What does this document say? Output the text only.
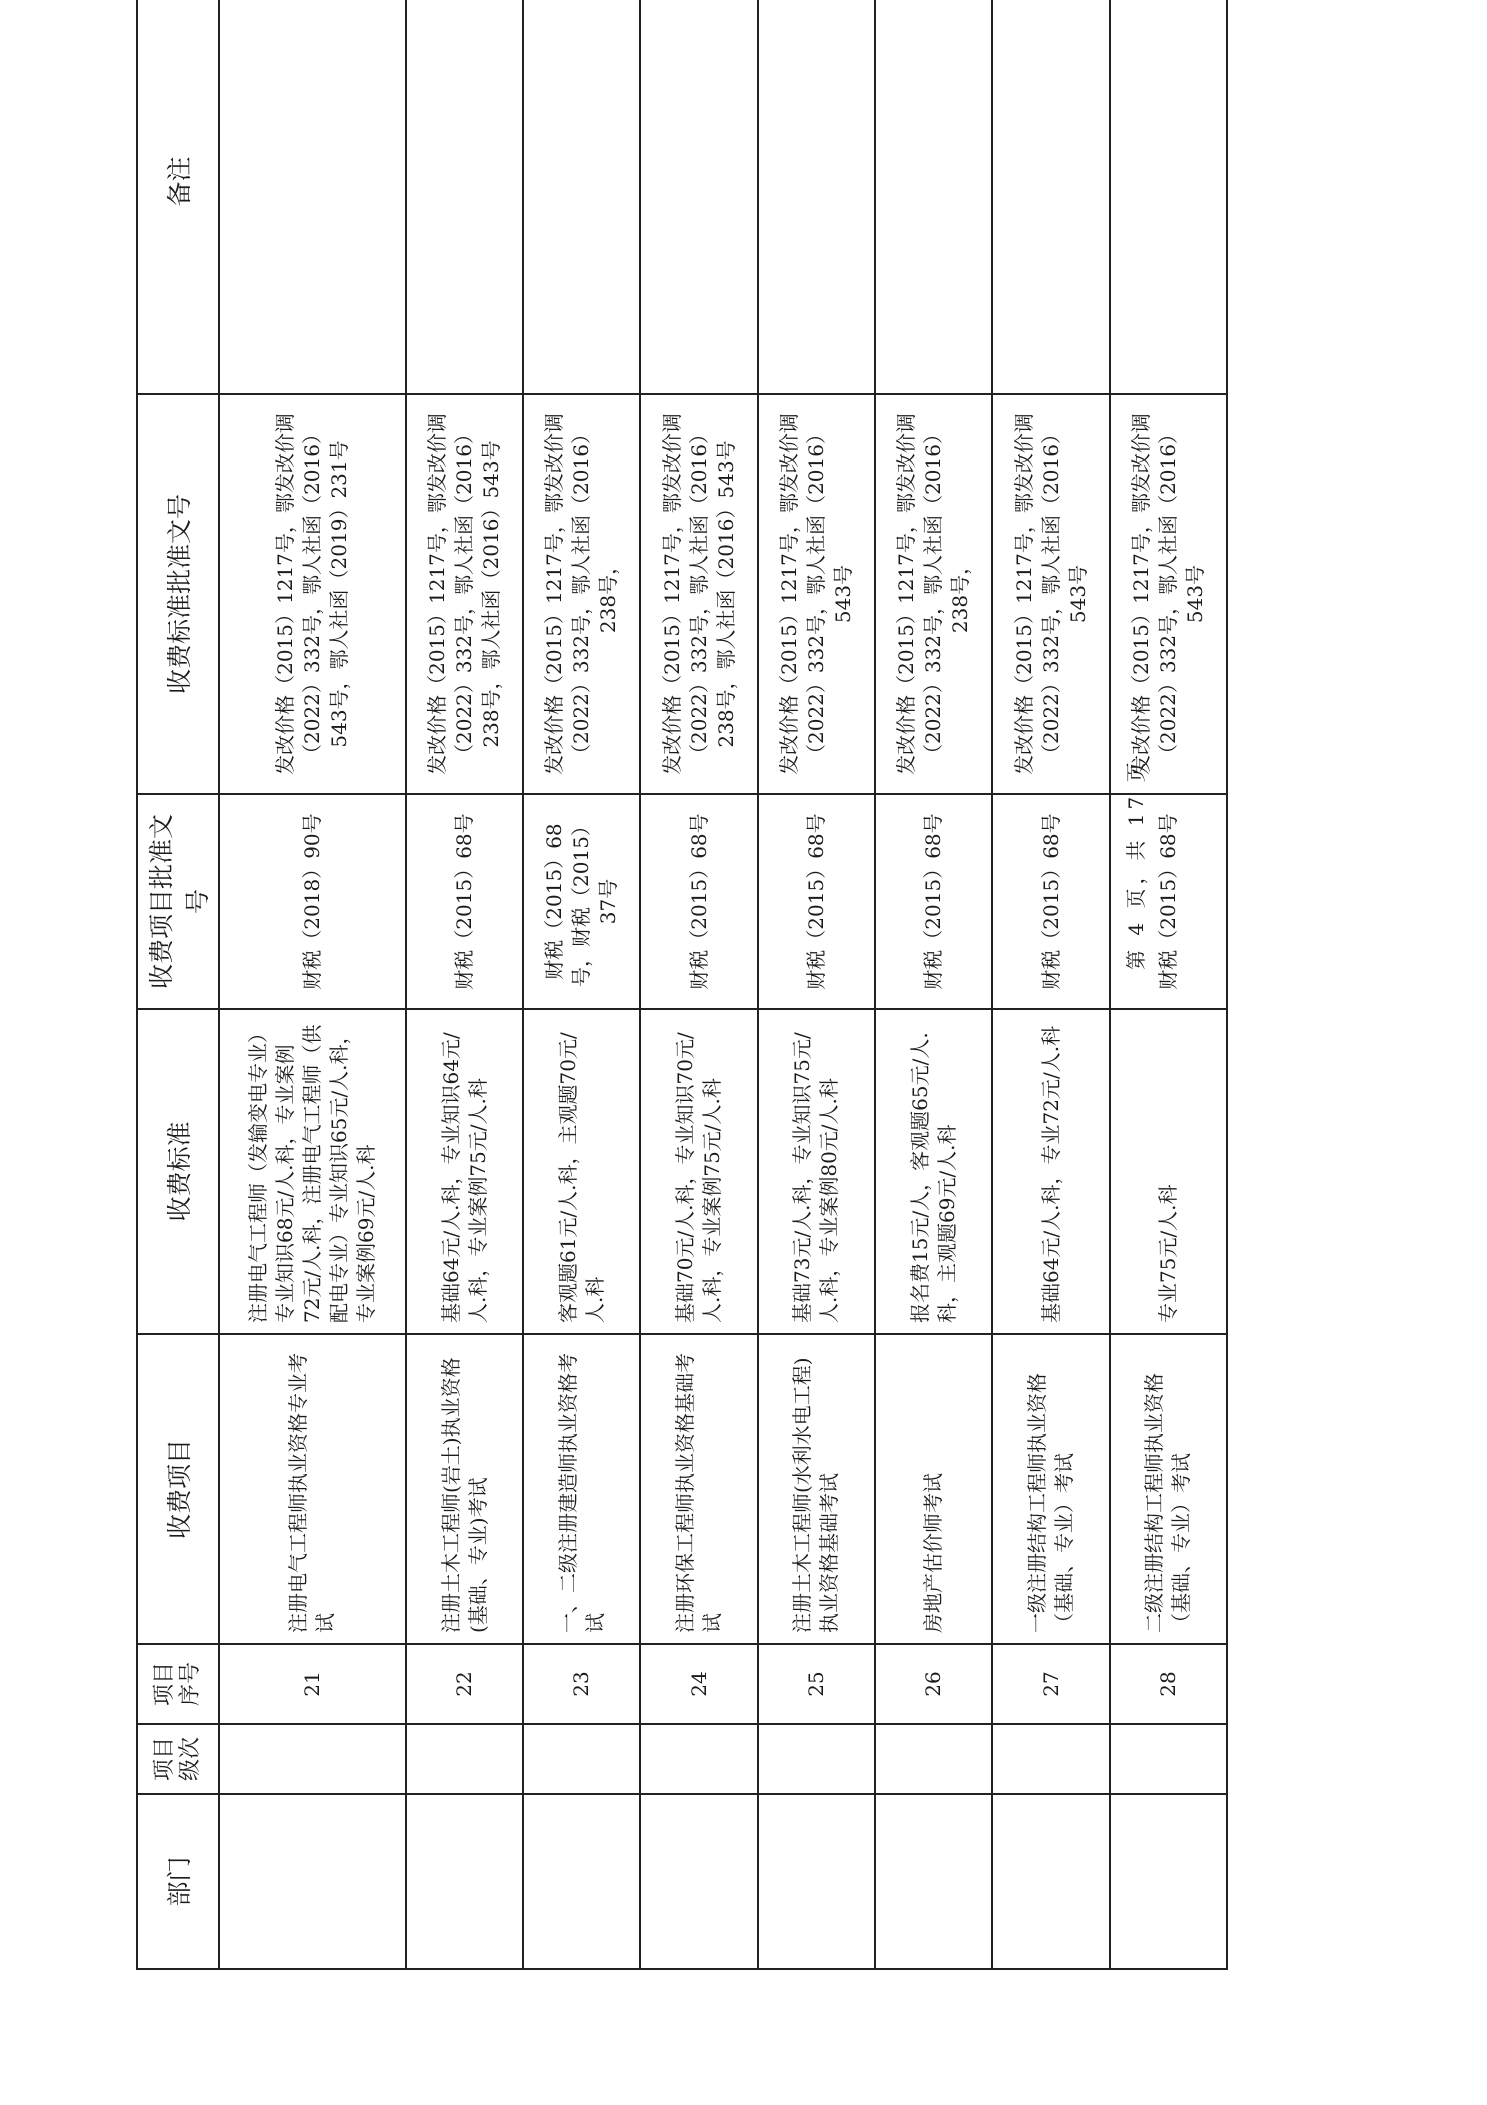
部门	项目级次	项目序号	收费项目	收费标准	收费项目批准文号	收费标准批准文号	备注
		21	注册电气工程师执业资格专业考试	注册电气工程师（发输变电专业）专业知识68元/人.科，专业案例72元/人.科，注册电气工程师（供配电专业）专业知识65元/人.科，专业案例69元/人.科	财税（2018）90号	发改价格（2015）1217号，鄂发改价调（2022）332号，鄂人社函（2016）543号，鄂人社函（2019）231号	
		22	注册土木工程师(岩土)执业资格(基础、专业)考试	基础64元/人.科，专业知识64元/人.科，专业案例75元/人.科	财税（2015）68号	发改价格（2015）1217号，鄂发改价调（2022）332号，鄂人社函（2016）238号，鄂人社函（2016）543号	
		23	一、二级注册建造师执业资格考试	客观题61元/人.科，主观题70元/人.科	财税（2015）68号，财税（2015）37号	发改价格（2015）1217号，鄂发改价调（2022）332号，鄂人社函（2016）238号，	
		24	注册环保工程师执业资格基础考试	基础70元/人.科，专业知识70元/人.科，专业案例75元/人.科	财税（2015）68号	发改价格（2015）1217号，鄂发改价调（2022）332号，鄂人社函（2016）238号，鄂人社函（2016）543号	
		25	注册土木工程师(水利水电工程)执业资格基础考试	基础73元/人.科，专业知识75元/人.科，专业案例80元/人.科	财税（2015）68号	发改价格（2015）1217号，鄂发改价调（2022）332号，鄂人社函（2016）543号	
		26	房地产估价师考试	报名费15元/人，客观题65元/人.科，主观题69元/人.科	财税（2015）68号	发改价格（2015）1217号，鄂发改价调（2022）332号，鄂人社函（2016）238号，	
		27	一级注册结构工程师执业资格（基础、专业）考试	基础64元/人.科，专业72元/人.科	财税（2015）68号	发改价格（2015）1217号，鄂发改价调（2022）332号，鄂人社函（2016）543号	
		28	二级注册结构工程师执业资格（基础、专业）考试	专业75元/人.科	财税（2015）68号	发改价格（2015）1217号，鄂发改价调（2022）332号，鄂人社函（2016）543号	
第 4 页，共 17 页
